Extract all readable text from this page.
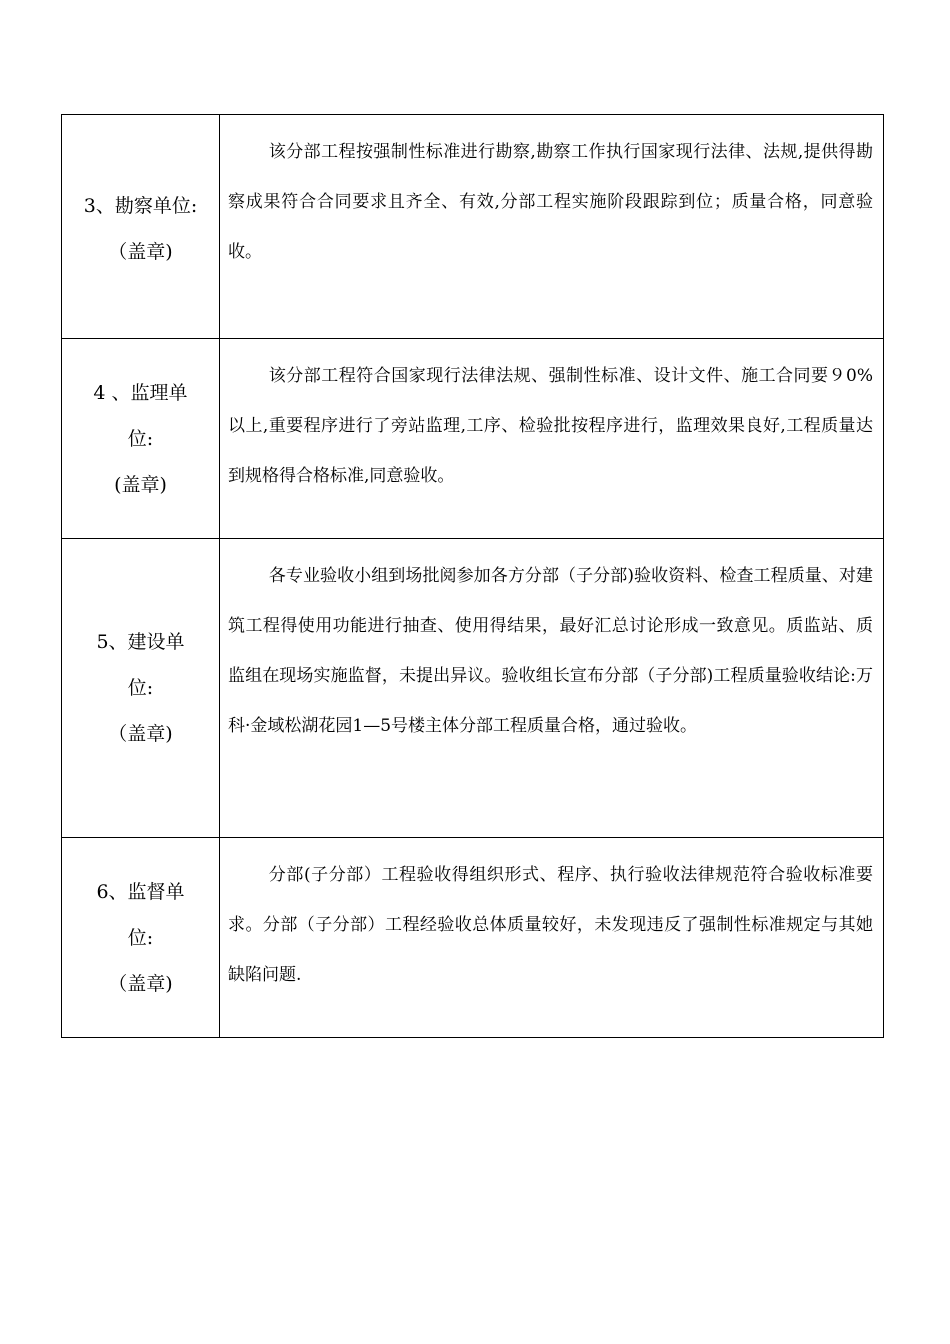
3、勘察单位:
（盖章)	该分部工程按强制性标准进行勘察,勘察工作执行国家现行法律、法规,提供得勘察成果符合合同要求且齐全、有效,分部工程实施阶段跟踪到位；质量合格，同意验收。

4 、监理单
位:
(盖章)	该分部工程符合国家现行法律法规、强制性标准、设计文件、施工合同要９0%以上,重要程序进行了旁站监理,工序、检验批按程序进行，监理效果良好,工程质量达到规格得合格标准,同意验收。

5、建设单
位:
（盖章)	各专业验收小组到场批阅参加各方分部（子分部)验收资料、检查工程质量、对建筑工程得使用功能进行抽查、使用得结果，最好汇总讨论形成一致意见。质监站、质监组在现场实施监督，未提出异议。验收组长宣布分部（子分部)工程质量验收结论:万科·金域松湖花园1—5号楼主体分部工程质量合格，通过验收。

6、监督单
位:
（盖章)	分部(子分部）工程验收得组织形式、程序、执行验收法律规范符合验收标准要求。分部（子分部）工程经验收总体质量较好，未发现违反了强制性标准规定与其她缺陷问题.
